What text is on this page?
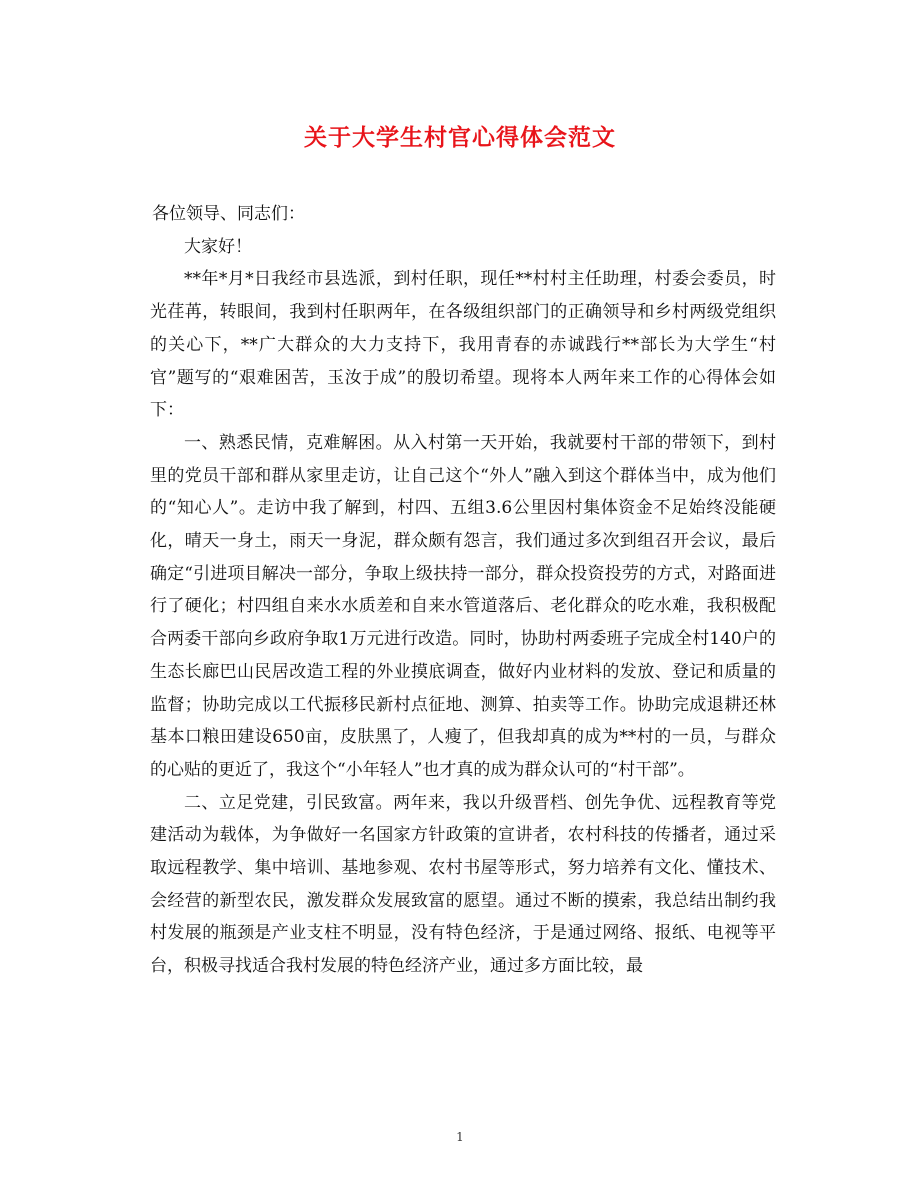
关于大学生村官心得体会范文

各位领导、同志们：

大家好！

**年*月*日我经市县选派，到村任职，现任**村村主任助理，村委会委员，时光荏苒，转眼间，我到村任职两年，在各级组织部门的正确领导和乡村两级党组织的关心下，**广大群众的大力支持下，我用青春的赤诚践行**部长为大学生“村官”题写的“艰难困苦，玉汝于成”的殷切希望。现将本人两年来工作的心得体会如下：

一、熟悉民情，克难解困。从入村第一天开始，我就要村干部的带领下，到村里的党员干部和群从家里走访，让自己这个“外人”融入到这个群体当中，成为他们的“知心人”。走访中我了解到，村四、五组3.6公里因村集体资金不足始终没能硬化，晴天一身土，雨天一身泥，群众颇有怨言，我们通过多次到组召开会议，最后确定“引进项目解决一部分，争取上级扶持一部分，群众投资投劳的方式，对路面进行了硬化；村四组自来水水质差和自来水管道落后、老化群众的吃水难，我积极配合两委干部向乡政府争取1万元进行改造。同时，协助村两委班子完成全村140户的生态长廊巴山民居改造工程的外业摸底调查，做好内业材料的发放、登记和质量的监督；协助完成以工代振移民新村点征地、测算、拍卖等工作。协助完成退耕还林基本口粮田建设650亩，皮肤黑了，人瘦了，但我却真的成为**村的一员，与群众的心贴的更近了，我这个“小年轻人”也才真的成为群众认可的“村干部”。

二、立足党建，引民致富。两年来，我以升级晋档、创先争优、远程教育等党建活动为载体，为争做好一名国家方针政策的宣讲者，农村科技的传播者，通过采取远程教学、集中培训、基地参观、农村书屋等形式，努力培养有文化、懂技术、会经营的新型农民，激发群众发展致富的愿望。通过不断的摸索，我总结出制约我村发展的瓶颈是产业支柱不明显，没有特色经济，于是通过网络、报纸、电视等平台，积极寻找适合我村发展的特色经济产业，通过多方面比较，最

1
